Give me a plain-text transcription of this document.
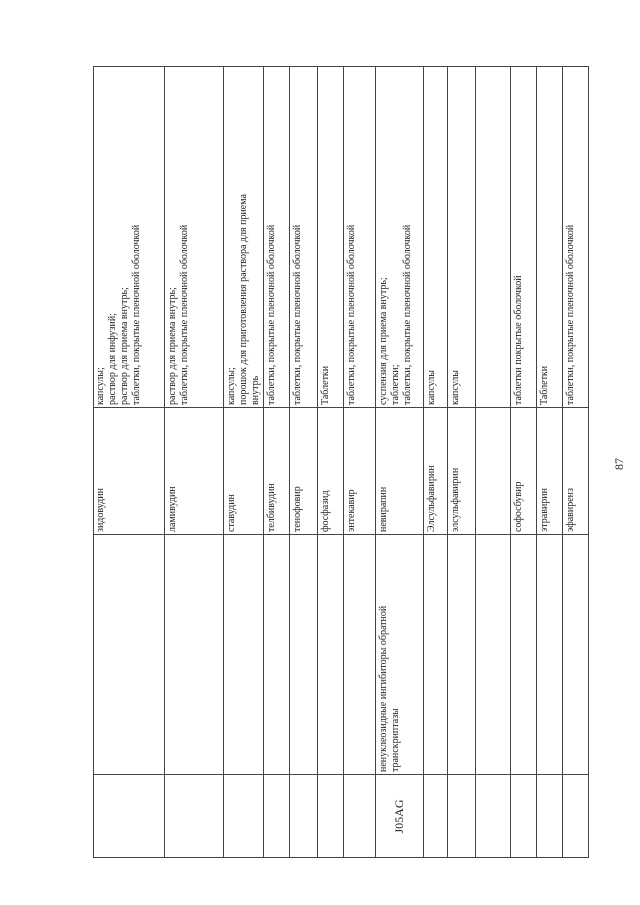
зидовудин
капсулы;
раствор для инфузий;
раствор для приема внутрь;
таблетки, покрытые пленочной оболочкой
ламивудин
раствор для приема внутрь;
таблетки, покрытые пленочной оболочкой
ставудин
капсулы;
порошок для приготовления раствора для приема
внутрь
телбивудин
таблетки, покрытые пленочной оболочкой
тенофовир
таблетки, покрытые пленочной оболочкой
фосфазид
Таблетки
энтекавир
таблетки, покрытые пленочной оболочкой
J05AG
ненуклеозидные ингибиторы обратной
транскриптазы
невирапин
суспензия для приема внутрь;
таблетки;
таблетки, покрытые пленочной оболочкой
Элсульфавирин
капсулы
элсульфавирин
капсулы
софосбувир
таблетки покрытые оболочкой
этравирин
Таблетки
эфавиренз
таблетки, покрытые пленочной оболочкой
87
